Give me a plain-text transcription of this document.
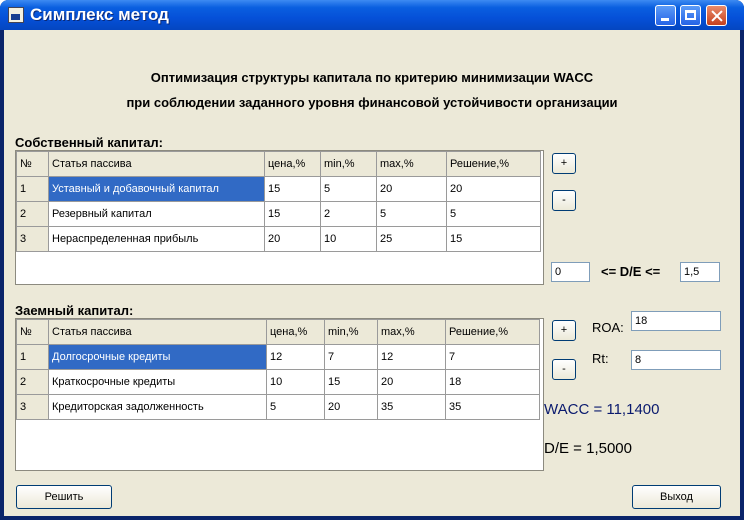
Симплекс метод
Оптимизация структуры капитала по критерию минимизации WACC
при соблюдении заданного уровня финансовой устойчивости организации
Собственный капитал:
№	Статья пассива	цена,%	min,%	max,%	Решение,%
1	Уставный и добавочный капитал	15	5	20	20
2	Резервный капитал	15	2	5	5
3	Нераспределенная прибыль	20	10	25	15
+
-
0	<= D/E <=	1,5
Заемный капитал:
№	Статья пассива	цена,%	min,%	max,%	Решение,%
1	Долгосрочные кредиты	12	7	12	7
2	Краткосрочные кредиты	10	15	20	18
3	Кредиторская задолженность	5	20	35	35
+
-
ROA:	18
Rt:	8
WACC = 11,1400
D/E = 1,5000
Решить	Выход
